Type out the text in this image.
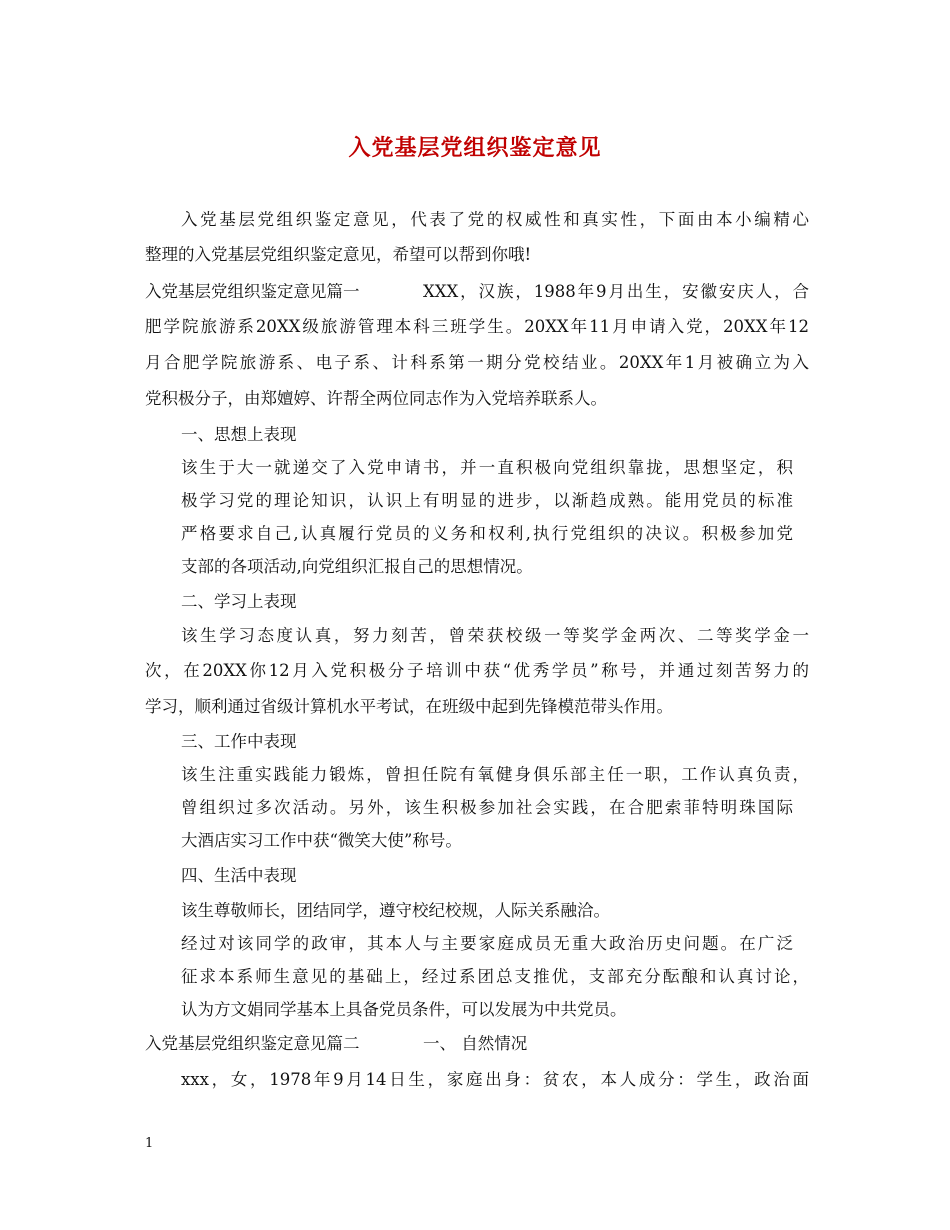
入党基层党组织鉴定意见
入党基层党组织鉴定意见，代表了党的权威性和真实性，下面由本小编精心
整理的入党基层党组织鉴定意见，希望可以帮到你哦!
入党基层党组织鉴定意见篇一	XXX，汉族，1988年9月出生，安徽安庆人，合
肥学院旅游系20XX级旅游管理本科三班学生。20XX年11月申请入党，20XX年12
月合肥学院旅游系、电子系、计科系第一期分党校结业。20XX年1月被确立为入
党积极分子，由郑嬗婷、许帮全两位同志作为入党培养联系人。
一、思想上表现
该生于大一就递交了入党申请书，并一直积极向党组织靠拢，思想坚定，积
极学习党的理论知识，认识上有明显的进步，以渐趋成熟。能用党员的标准
严格要求自己,认真履行党员的义务和权利,执行党组织的决议。积极参加党
支部的各项活动,向党组织汇报自己的思想情况。
二、学习上表现
该生学习态度认真，努力刻苦，曾荣获校级一等奖学金两次、二等奖学金一
次，在20XX你12月入党积极分子培训中获“优秀学员”称号，并通过刻苦努力的
学习，顺利通过省级计算机水平考试，在班级中起到先锋模范带头作用。
三、工作中表现
该生注重实践能力锻炼，曾担任院有氧健身俱乐部主任一职，工作认真负责，
曾组织过多次活动。另外，该生积极参加社会实践，在合肥索菲特明珠国际
大酒店实习工作中获“微笑大使”称号。
四、生活中表现
该生尊敬师长，团结同学，遵守校纪校规，人际关系融洽。
经过对该同学的政审，其本人与主要家庭成员无重大政治历史问题。在广泛
征求本系师生意见的基础上，经过系团总支推优，支部充分酝酿和认真讨论，
认为方文娟同学基本上具备党员条件，可以发展为中共党员。
入党基层党组织鉴定意见篇二	一、 自然情况
xxx，女，1978年9月14日生，家庭出身：贫农，本人成分：学生，政治面
1
